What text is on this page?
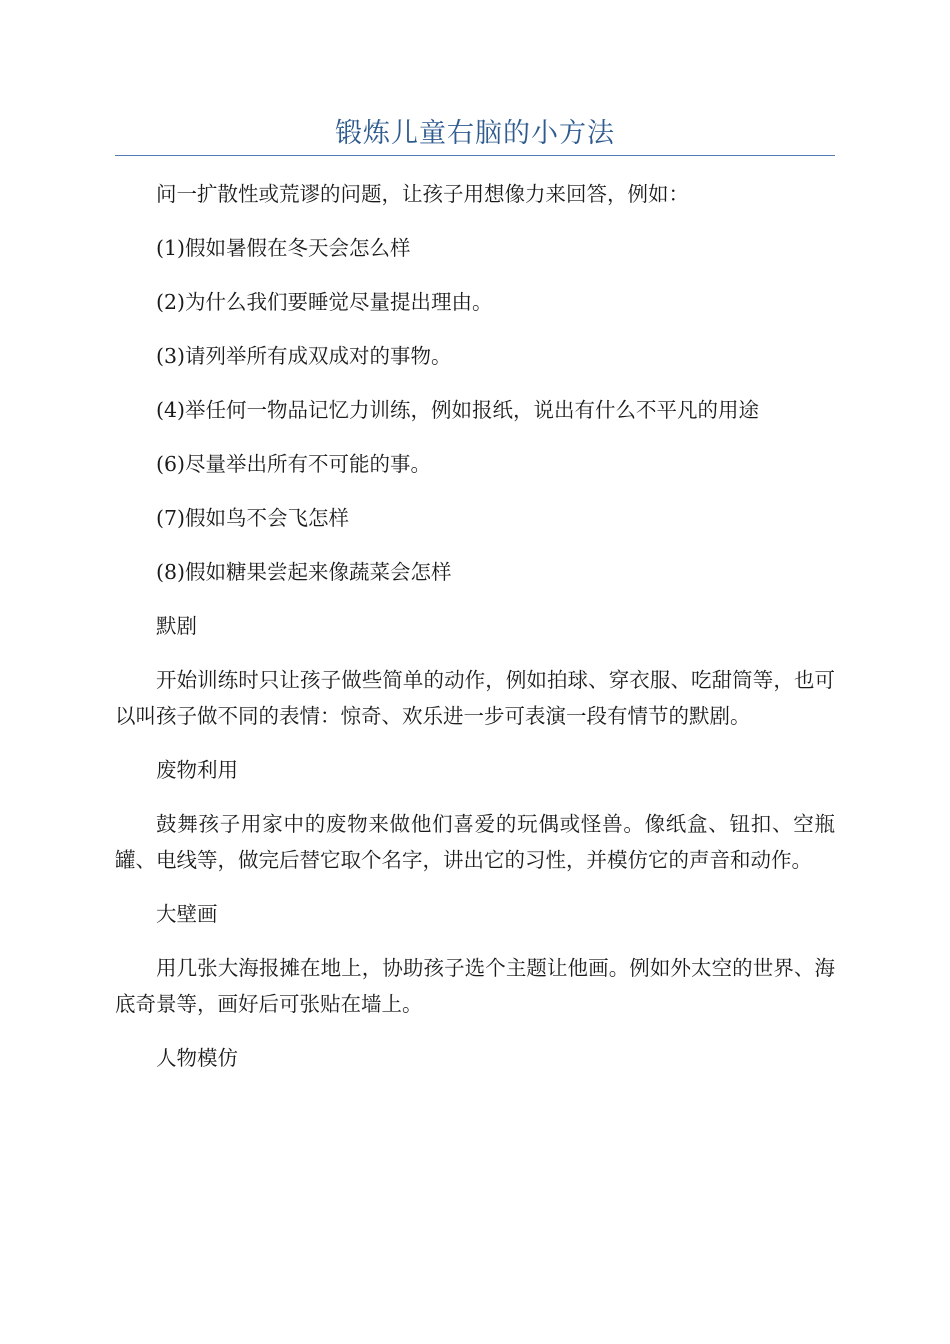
锻炼儿童右脑的小方法

问一扩散性或荒谬的问题，让孩子用想像力来回答，例如：

(1)假如暑假在冬天会怎么样

(2)为什么我们要睡觉尽量提出理由。

(3)请列举所有成双成对的事物。

(4)举任何一物品记忆力训练，例如报纸，说出有什么不平凡的用途

(6)尽量举出所有不可能的事。

(7)假如鸟不会飞怎样

(8)假如糖果尝起来像蔬菜会怎样

默剧

开始训练时只让孩子做些简单的动作，例如拍球、穿衣服、吃甜筒等，也可以叫孩子做不同的表情：惊奇、欢乐进一步可表演一段有情节的默剧。

废物利用

鼓舞孩子用家中的废物来做他们喜爱的玩偶或怪兽。像纸盒、钮扣、空瓶罐、电线等，做完后替它取个名字，讲出它的习性，并模仿它的声音和动作。

大壁画

用几张大海报摊在地上，协助孩子选个主题让他画。例如外太空的世界、海底奇景等，画好后可张贴在墙上。

人物模仿
